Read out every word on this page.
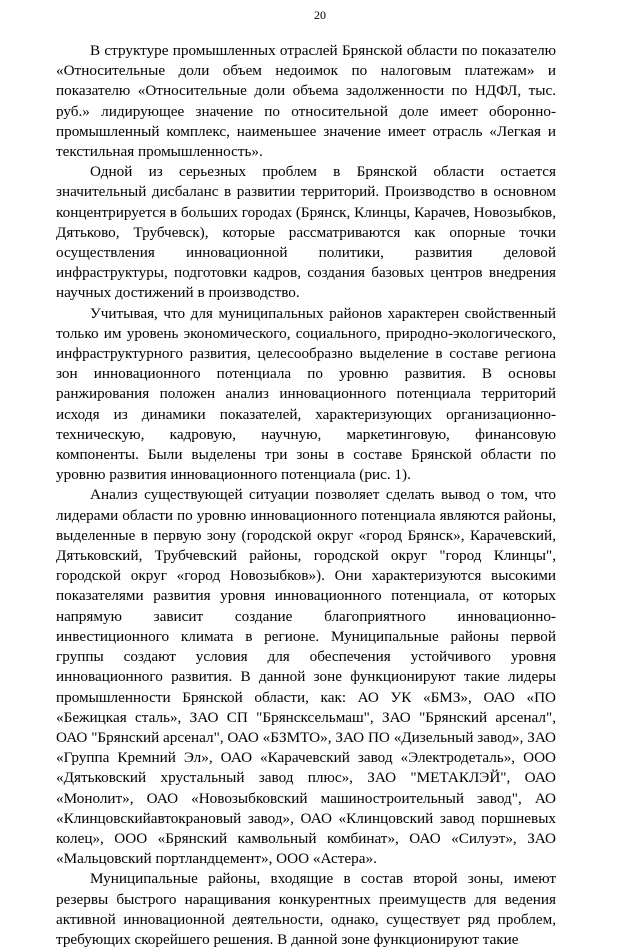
20

В структуре промышленных отраслей Брянской области по показателю «Относительные доли объем недоимок по налоговым платежам» и показателю «Относительные доли объема задолженности по НДФЛ, тыс. руб.» лидирующее значение по относительной доле имеет оборонно-промышленный комплекс, наименьшее значение имеет отрасль «Легкая и текстильная промышленность».

Одной из серьезных проблем в Брянской области остается значительный дисбаланс в развитии территорий. Производство в основном концентрируется в больших городах (Брянск, Клинцы, Карачев, Новозыбков, Дятьково, Трубчевск), которые рассматриваются как опорные точки осуществления инновационной политики, развития деловой инфраструктуры, подготовки кадров, создания базовых центров внедрения научных достижений в производство.

Учитывая, что для муниципальных районов характерен свойственный только им уровень экономического, социального, природно-экологического, инфраструктурного развития, целесообразно выделение в составе региона зон инновационного потенциала по уровню развития. В основы ранжирования положен анализ инновационного потенциала территорий исходя из динамики показателей, характеризующих организационно-техническую, кадровую, научную, маркетинговую, финансовую компоненты. Были выделены три зоны в составе Брянской области по уровню развития инновационного потенциала (рис. 1).

Анализ существующей ситуации позволяет сделать вывод о том, что лидерами области по уровню инновационного потенциала являются районы, выделенные в первую зону (городской округ «город Брянск», Карачевский, Дятьковский, Трубчевский районы, городской округ "город Клинцы", городской округ «город Новозыбков»). Они характеризуются высокими показателями развития уровня инновационного потенциала, от которых напрямую зависит создание благоприятного инновационно-инвестиционного климата в регионе. Муниципальные районы первой группы создают условия для обеспечения устойчивого уровня инновационного развития. В данной зоне функционируют такие лидеры промышленности Брянской области, как: АО УК «БМЗ», ОАО «ПО «Бежицкая сталь», ЗАО СП "Брянсксельмаш", ЗАО "Брянский арсенал", ОАО "Брянский арсенал", ОАО «БЗМТО», ЗАО ПО «Дизельный завод», ЗАО «Группа Кремний Эл», ОАО «Карачевский завод «Электродеталь», ООО «Дятьковский хрустальный завод плюс», ЗАО "МЕТАКЛЭЙ", ОАО «Монолит», ОАО «Новозыбковский машиностроительный завод", АО «Клинцовскийавтокрановый завод», ОАО «Клинцовский завод поршневых колец», ООО «Брянский камвольный комбинат», ОАО «Силуэт», ЗАО «Мальцовский портландцемент», ООО «Астера».

Муниципальные районы, входящие в состав второй зоны, имеют резервы быстрого наращивания конкурентных преимуществ для ведения активной инновационной деятельности, однако, существует ряд проблем, требующих скорейшего решения. В данной зоне функционируют такие
